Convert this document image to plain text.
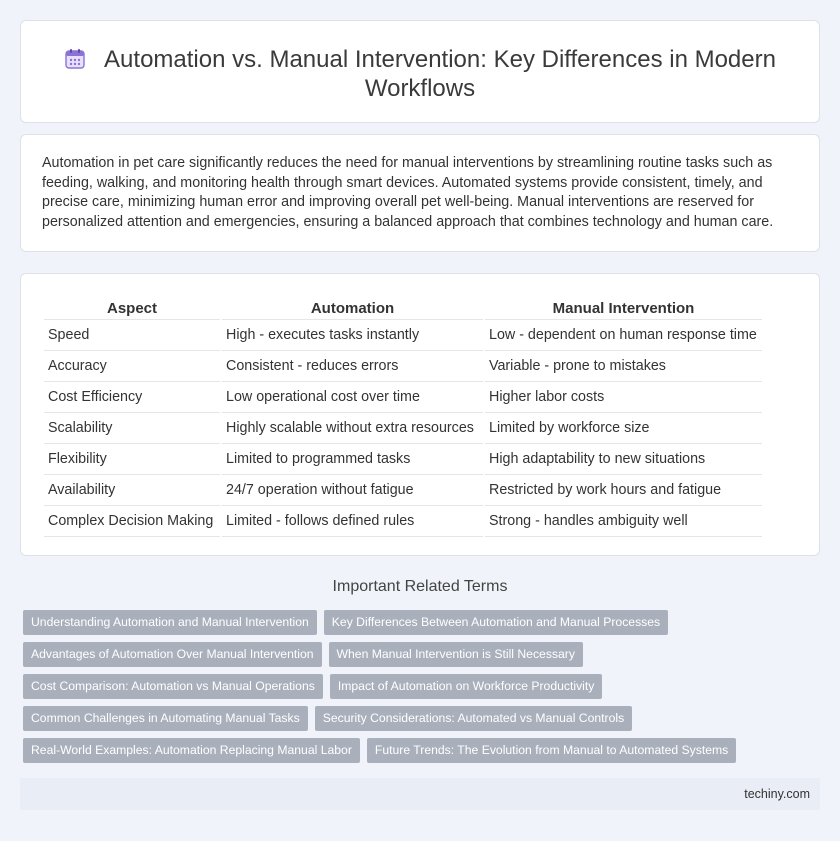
Automation vs. Manual Intervention: Key Differences in Modern Workflows

Automation in pet care significantly reduces the need for manual interventions by streamlining routine tasks such as feeding, walking, and monitoring health through smart devices. Automated systems provide consistent, timely, and precise care, minimizing human error and improving overall pet well-being. Manual interventions are reserved for personalized attention and emergencies, ensuring a balanced approach that combines technology and human care.

Aspect	Automation	Manual Intervention
Speed	High - executes tasks instantly	Low - dependent on human response time
Accuracy	Consistent - reduces errors	Variable - prone to mistakes
Cost Efficiency	Low operational cost over time	Higher labor costs
Scalability	Highly scalable without extra resources	Limited by workforce size
Flexibility	Limited to programmed tasks	High adaptability to new situations
Availability	24/7 operation without fatigue	Restricted by work hours and fatigue
Complex Decision Making	Limited - follows defined rules	Strong - handles ambiguity well
Important Related Terms
Understanding Automation and Manual Intervention	Key Differences Between Automation and Manual Processes
Advantages of Automation Over Manual Intervention	When Manual Intervention is Still Necessary
Cost Comparison: Automation vs Manual Operations	Impact of Automation on Workforce Productivity
Common Challenges in Automating Manual Tasks	Security Considerations: Automated vs Manual Controls
Real-World Examples: Automation Replacing Manual Labor	Future Trends: The Evolution from Manual to Automated Systems
techiny.com
